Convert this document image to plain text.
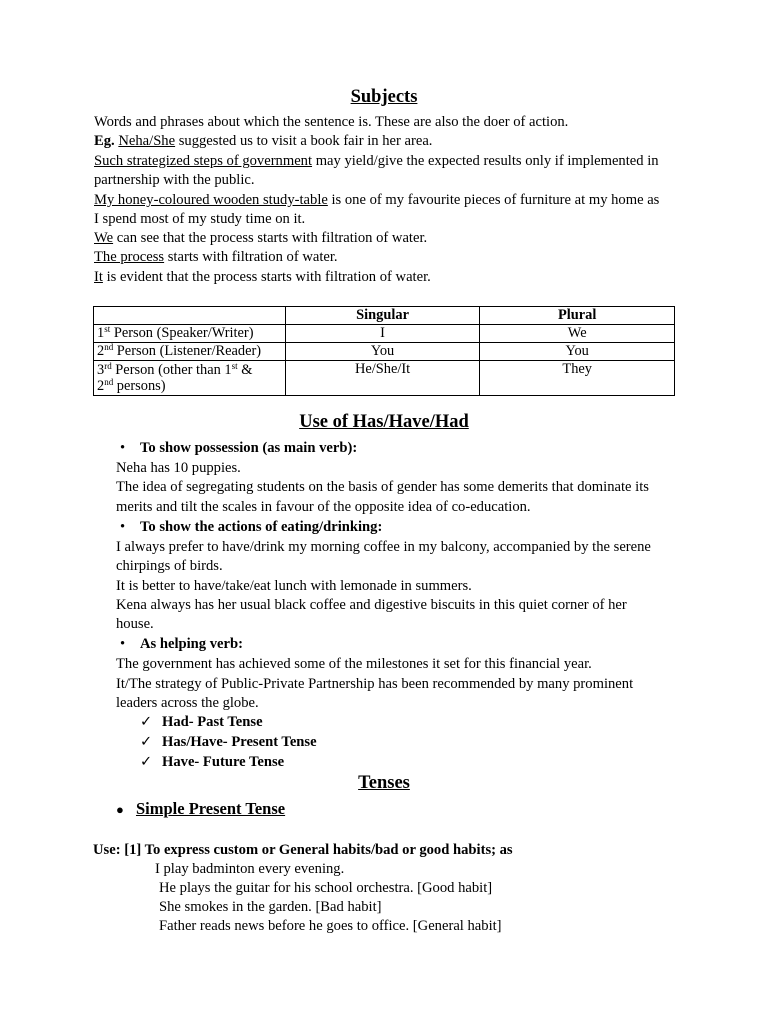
Subjects
Words and phrases about which the sentence is. These are also the doer of action.
Eg. Neha/She suggested us to visit a book fair in her area.
Such strategized steps of government may yield/give the expected results only if implemented in
partnership with the public.
My honey-coloured wooden study-table is one of my favourite pieces of furniture at my home as
I spend most of my study time on it.
We can see that the process starts with filtration of water.
The process starts with filtration of water.
It is evident that the process starts with filtration of water.
	Singular	Plural
1st Person (Speaker/Writer)	I	We
2nd Person (Listener/Reader)	You	You
3rd Person (other than 1st &
2nd persons)	He/She/It	They
Use of Has/Have/Had
• To show possession (as main verb):
Neha has 10 puppies.
The idea of segregating students on the basis of gender has some demerits that dominate its
merits and tilt the scales in favour of the opposite idea of co-education.
• To show the actions of eating/drinking:
I always prefer to have/drink my morning coffee in my balcony, accompanied by the serene
chirpings of birds.
It is better to have/take/eat lunch with lemonade in summers.
Kena always has her usual black coffee and digestive biscuits in this quiet corner of her
house.
• As helping verb:
The government has achieved some of the milestones it set for this financial year.
It/The strategy of Public-Private Partnership has been recommended by many prominent
leaders across the globe.
✓ Had- Past Tense
✓ Has/Have- Present Tense
✓ Have- Future Tense
Tenses
● Simple Present Tense
Use: [1] To express custom or General habits/bad or good habits; as
I play badminton every evening.
He plays the guitar for his school orchestra. [Good habit]
She smokes in the garden. [Bad habit]
Father reads news before he goes to office. [General habit]
